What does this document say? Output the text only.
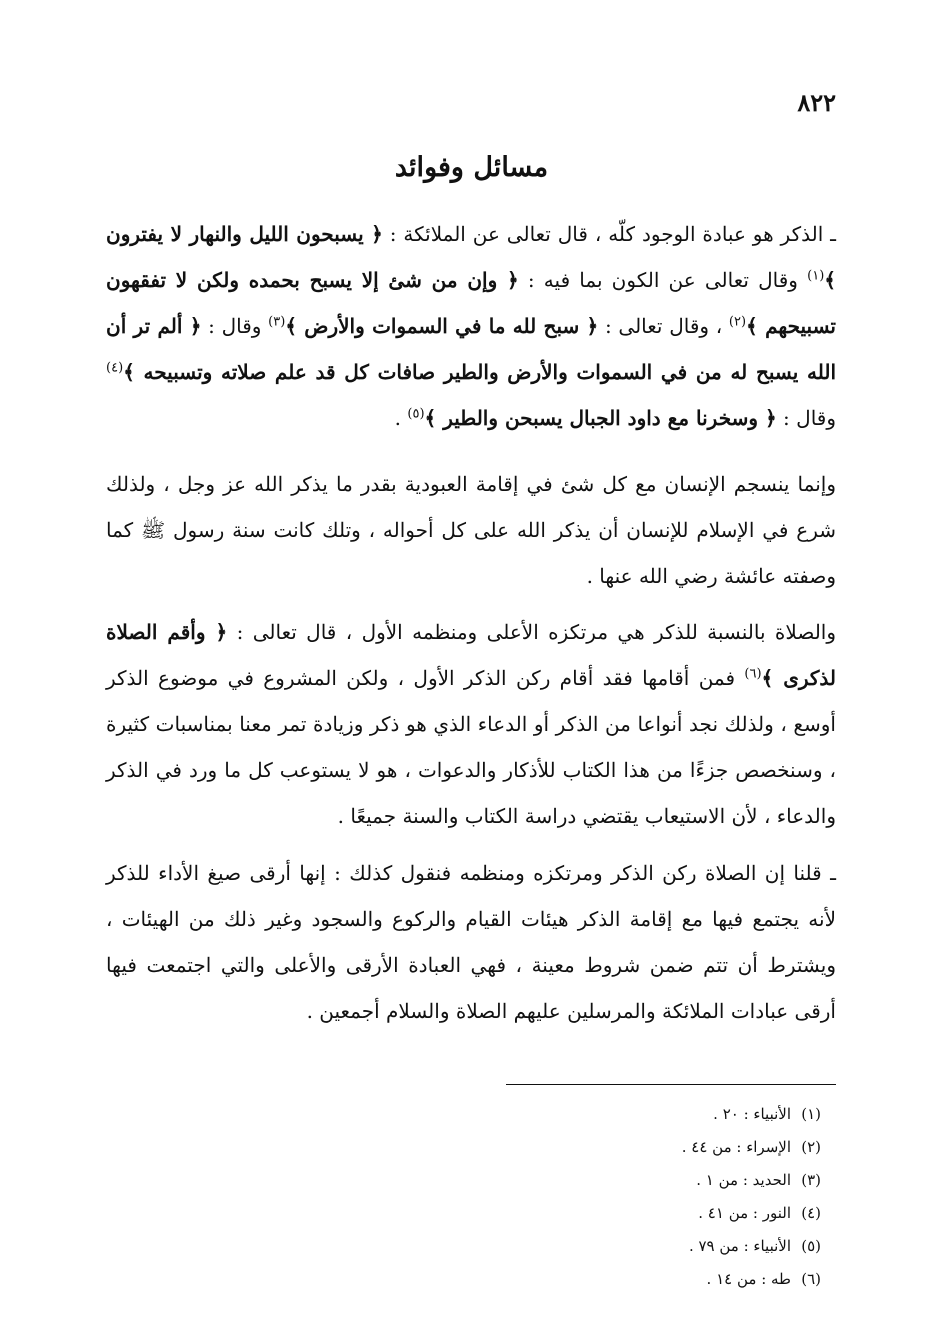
٨٢٢
مسائل وفوائد

ـ الذكر هو عبادة الوجود كلّه ، قال تعالى عن الملائكة : ﴿ يسبحون الليل والنهار لا يفترون ﴾$^{(١)}$ وقال تعالى عن الكون بما فيه : ﴿ وإن من شئ إلا يسبح بحمده ولكن لا تفقهون تسبيحهم ﴾$^{(٢)}$ ، وقال تعالى : ﴿ سبح لله ما في السموات والأرض ﴾$^{(٣)}$ وقال : ﴿ ألم تر أن الله يسبح له من في السموات والأرض والطير صافات كل قد علم صلاته وتسبيحه ﴾$^{(٤)}$ وقال : ﴿ وسخرنا مع داود الجبال يسبحن والطير ﴾$^{(٥)}$ .

وإنما ينسجم الإنسان مع كل شئ في إقامة العبودية بقدر ما يذكر الله عز وجل ، ولذلك شرع في الإسلام للإنسان أن يذكر الله على كل أحواله ، وتلك كانت سنة رسول ﷺ كما وصفته عائشة رضي الله عنها .

والصلاة بالنسبة للذكر هي مرتكزه الأعلى ومنظمه الأول ، قال تعالى : ﴿ وأقم الصلاة لذكرى ﴾$^{(٦)}$ فمن أقامها فقد أقام ركن الذكر الأول ، ولكن المشروع في موضوع الذكر أوسع ، ولذلك نجد أنواعا من الذكر أو الدعاء الذي هو ذكر وزيادة تمر معنا بمناسبات كثيرة ، وسنخصص جزءًا من هذا الكتاب للأذكار والدعوات ، هو لا يستوعب كل ما ورد في الذكر والدعاء ، لأن الاستيعاب يقتضي دراسة الكتاب والسنة جميعًا .

ـ قلنا إن الصلاة ركن الذكر ومرتكزه ومنظمه فنقول كذلك : إنها أرقى صيغ الأداء للذكر لأنه يجتمع فيها مع إقامة الذكر هيئات القيام والركوع والسجود وغير ذلك من الهيئات ، ويشترط أن تتم ضمن شروط معينة ، فهي العبادة الأرقى والأعلى والتي اجتمعت فيها أرقى عبادات الملائكة والمرسلين عليهم الصلاة والسلام أجمعين .

(١)الأنبياء : ٢٠ .
(٢)الإسراء : من ٤٤ .
(٣)الحديد : من ١ .
(٤)النور : من ٤١ .
(٥)الأنبياء : من ٧٩ .
(٦)طه : من ١٤ .
